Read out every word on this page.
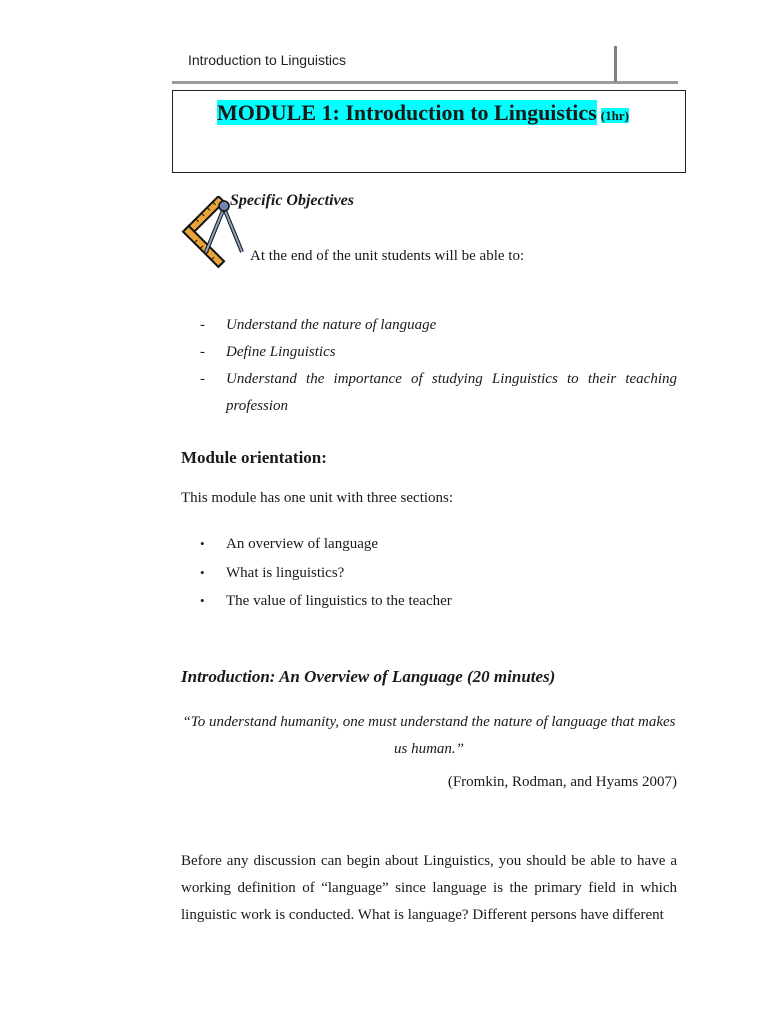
Introduction to Linguistics
MODULE 1: Introduction to Linguistics (1hr)
Specific Objectives
At the end of the unit students will be able to:
-	Understand the nature of language
-	Define Linguistics
-	Understand the importance of studying Linguistics to their teaching profession
Module orientation:
This module has one unit with three sections:
•	An overview of language
•	What is linguistics?
•	The value of linguistics to the teacher
Introduction: An Overview of Language (20 minutes)
“To understand humanity, one must understand the nature of language that makes us human.”
(Fromkin, Rodman, and Hyams 2007)

Before any discussion can begin about Linguistics, you should be able to have a working definition of “language” since language is the primary field in which linguistic work is conducted. What is language? Different persons have different
